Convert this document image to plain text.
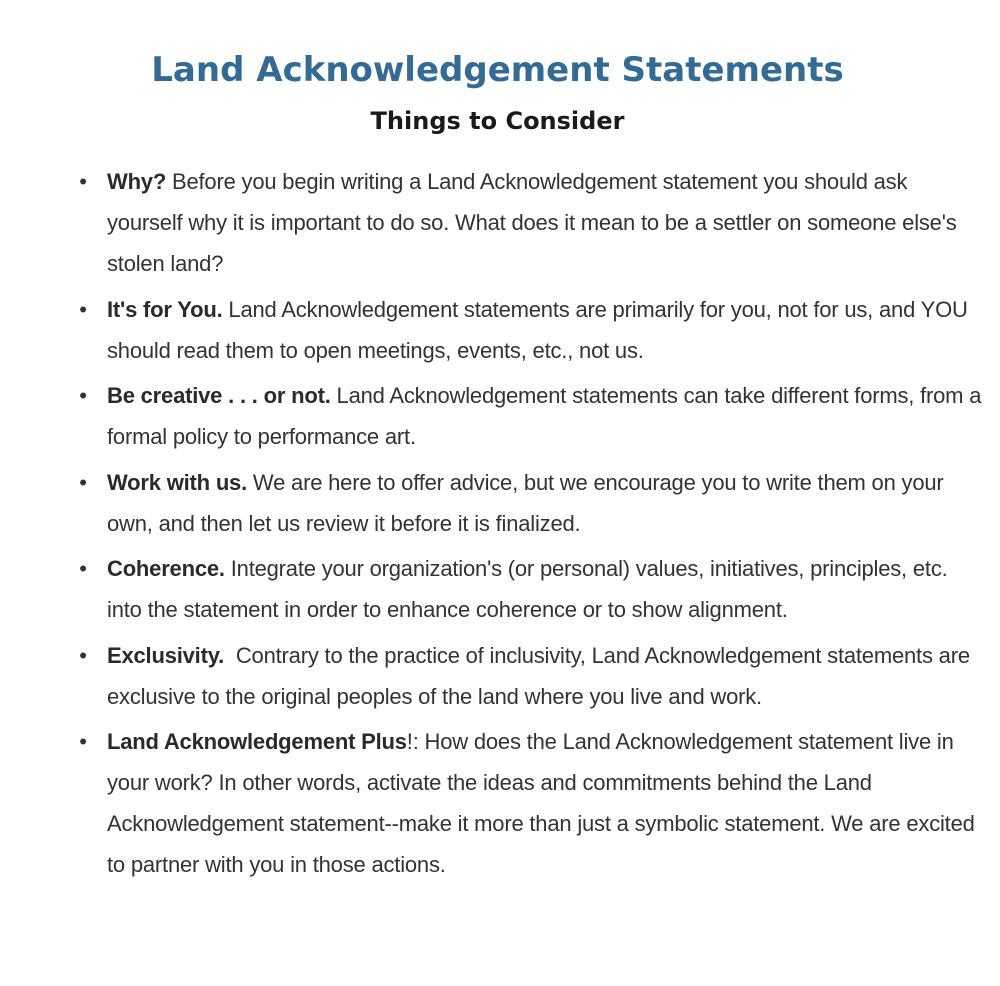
Land Acknowledgement Statements
Things to Consider
• Why? Before you begin writing a Land Acknowledgement statement you should ask yourself why it is important to do so. What does it mean to be a settler on someone else's stolen land?
• It's for You. Land Acknowledgement statements are primarily for you, not for us, and YOU should read them to open meetings, events, etc., not us.
• Be creative . . . or not. Land Acknowledgement statements can take different forms, from a formal policy to performance art.
• Work with us. We are here to offer advice, but we encourage you to write them on your own, and then let us review it before it is finalized.
• Coherence. Integrate your organization's (or personal) values, initiatives, principles, etc. into the statement in order to enhance coherence or to show alignment.
• Exclusivity.  Contrary to the practice of inclusivity, Land Acknowledgement statements are exclusive to the original peoples of the land where you live and work.
• Land Acknowledgement Plus!: How does the Land Acknowledgement statement live in your work? In other words, activate the ideas and commitments behind the Land Acknowledgement statement--make it more than just a symbolic statement. We are excited to partner with you in those actions.
